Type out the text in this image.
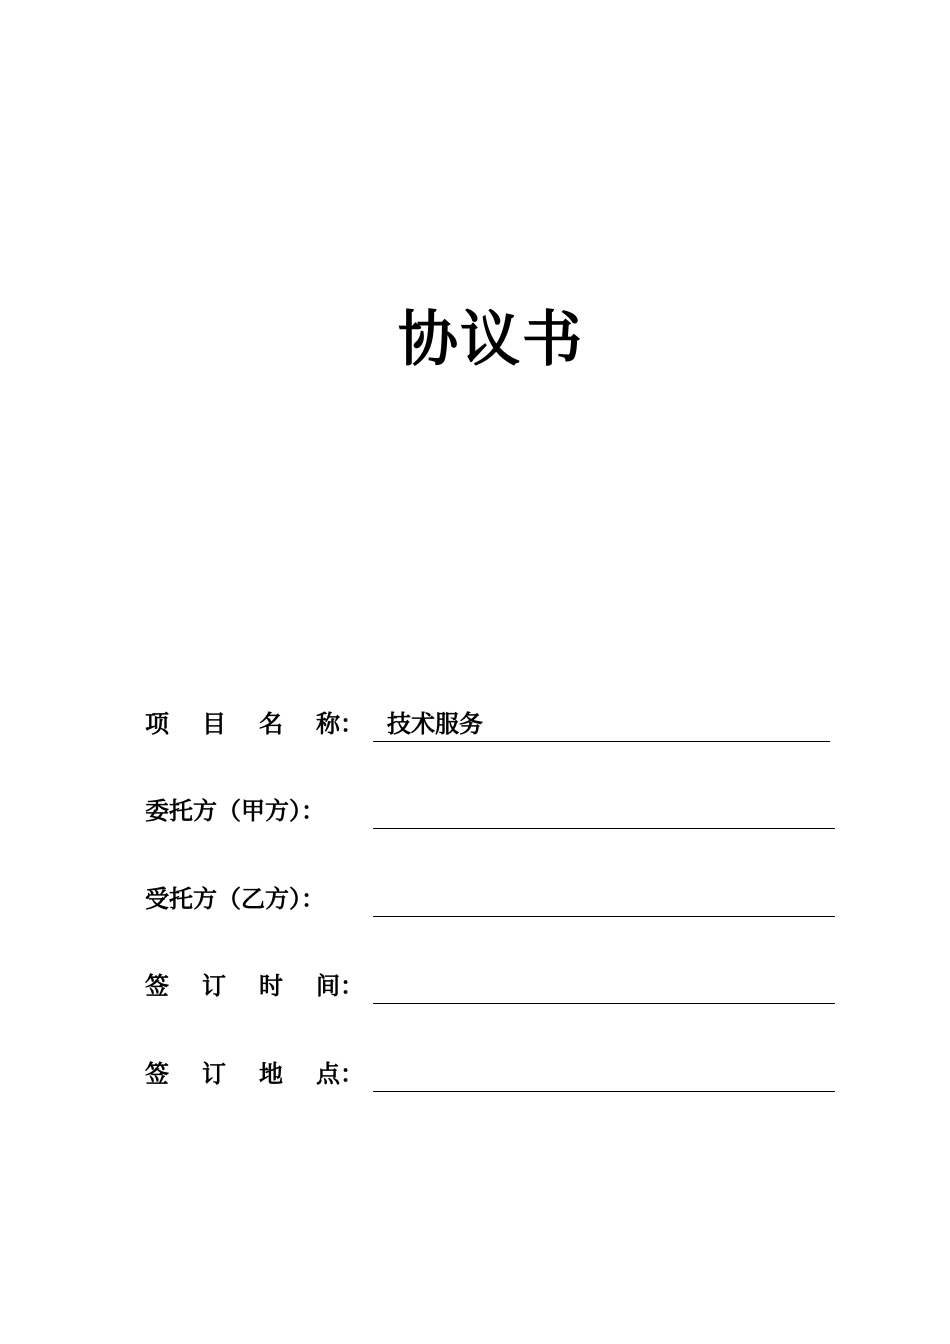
协议书
项 目 名 称： 技术服务
委托方（甲方）：
受托方（乙方）：
签 订 时 间：
签 订 地 点：
